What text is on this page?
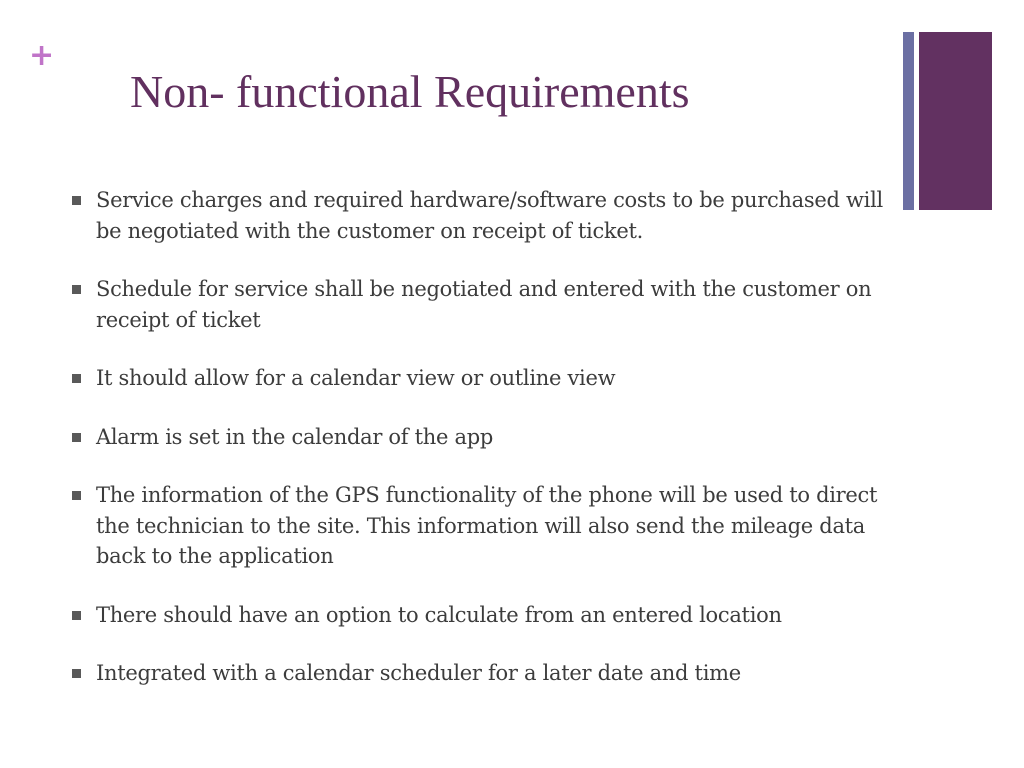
+
Non- functional Requirements
Service charges and required hardware/software costs to be purchased will be negotiated with the customer on receipt of ticket.
Schedule for service shall be negotiated and entered with the customer on receipt of ticket
It should allow for a calendar view or outline view
Alarm is set in the calendar of the app
The information of the GPS functionality of the phone will be used to direct the technician to the site. This information will also send the mileage data back to the application
There should have an option to calculate from an entered location
Integrated with a calendar scheduler for a later date and time
